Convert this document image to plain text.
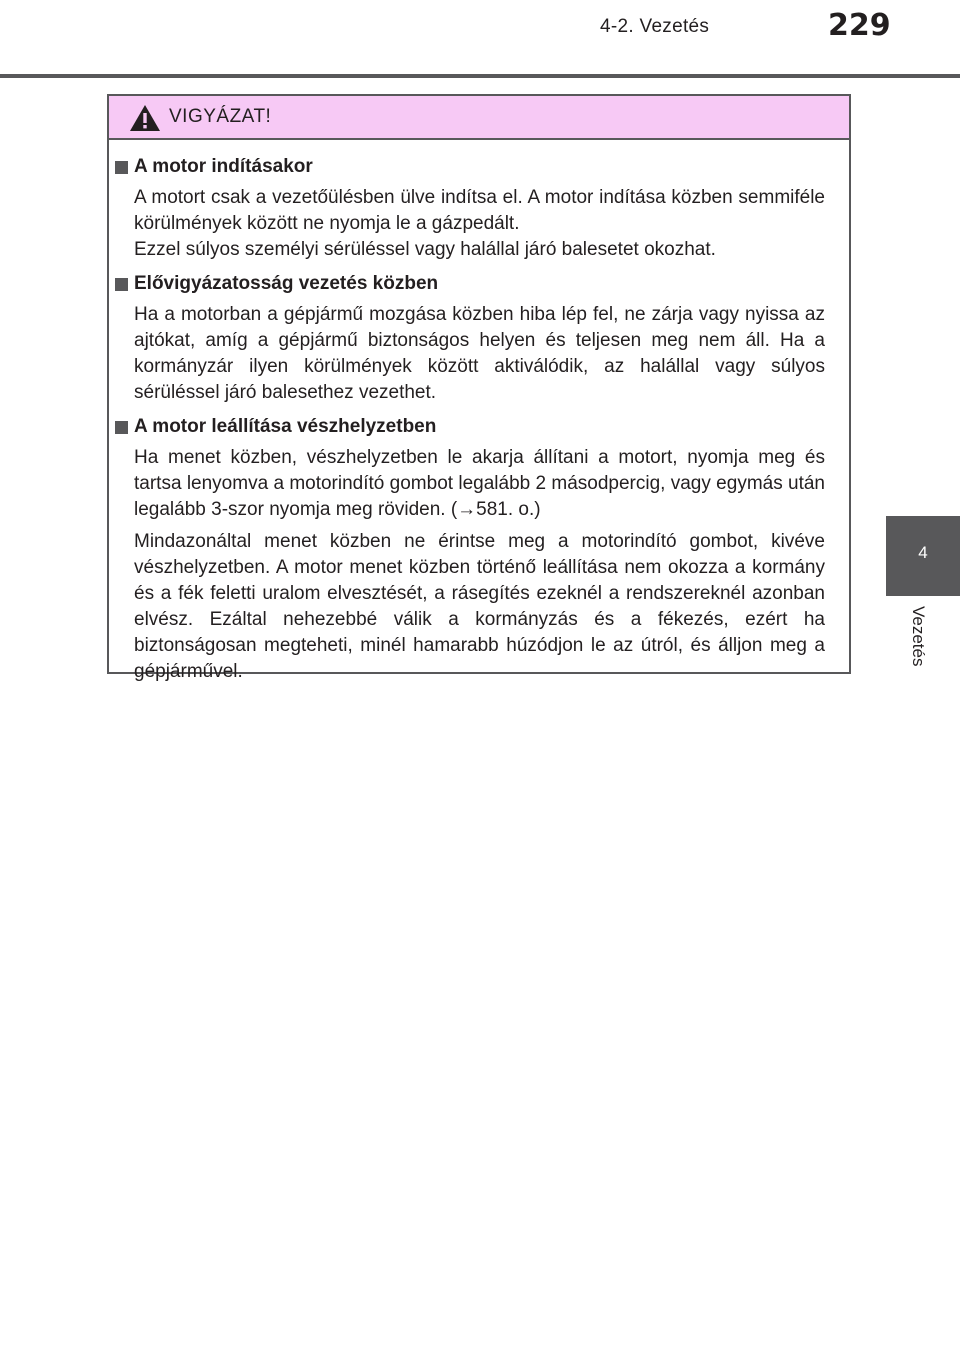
4-2. Vezetés	229
4
Vezetés
VIGYÁZAT!
A motor indításakor
A motort csak a vezetőülésben ülve indítsa el. A motor indítása közben semmiféle körülmények között ne nyomja le a gázpedált.
Ezzel súlyos személyi sérüléssel vagy halállal járó balesetet okozhat.
Elővigyázatosság vezetés közben
Ha a motorban a gépjármű mozgása közben hiba lép fel, ne zárja vagy nyissa az ajtókat, amíg a gépjármű biztonságos helyen és teljesen meg nem áll. Ha a kormányzár ilyen körülmények között aktiválódik, az halállal vagy súlyos sérüléssel járó balesethez vezethet.
A motor leállítása vészhelyzetben
Ha menet közben, vészhelyzetben le akarja állítani a motort, nyomja meg és tartsa lenyomva a motorindító gombot legalább 2 másodpercig, vagy egymás után legalább 3-szor nyomja meg röviden. (→581. o.)
Mindazonáltal menet közben ne érintse meg a motorindító gombot, kivéve vészhelyzetben. A motor menet közben történő leállítása nem okozza a kormány és a fék feletti uralom elvesztését, a rásegítés ezeknél a rendszereknél azonban elvész. Ezáltal nehezebbé válik a kormányzás és a fékezés, ezért ha biztonságosan megteheti, minél hamarabb húzódjon le az útról, és álljon meg a gépjárművel.
